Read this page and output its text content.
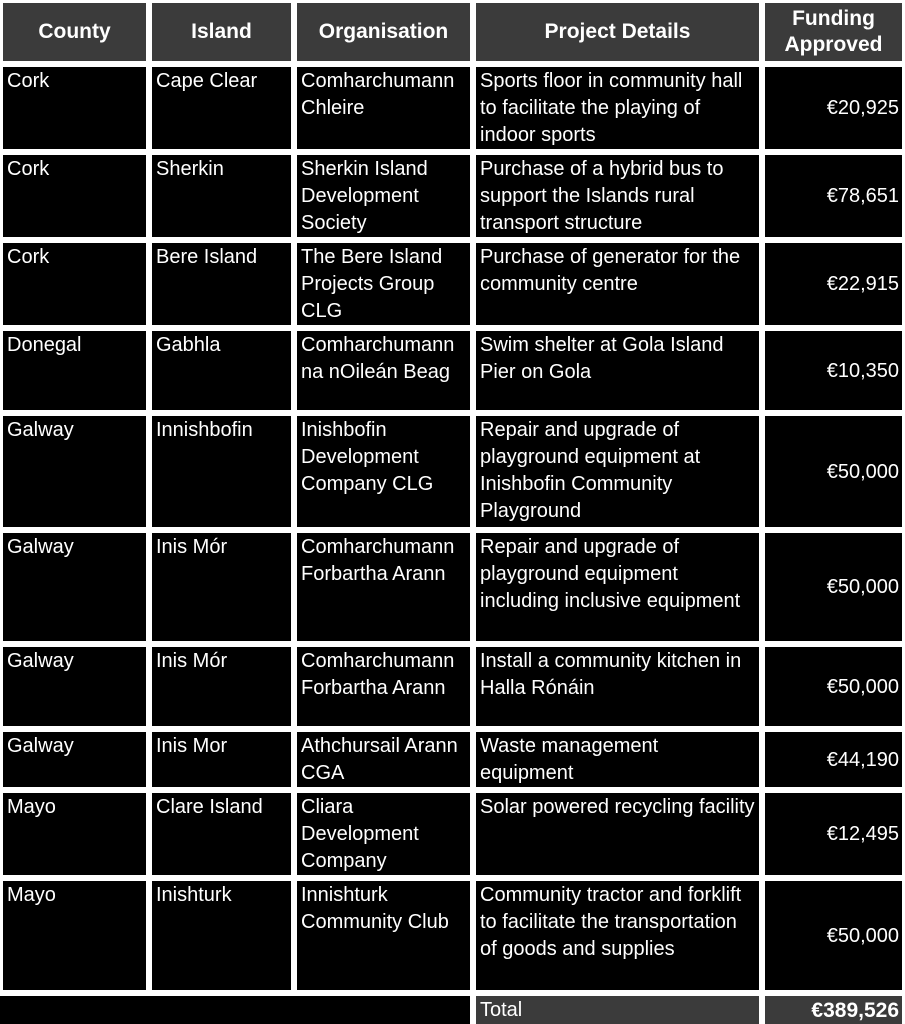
County	Island	Organisation	Project Details	Funding Approved
Cork	Cape Clear	Comharchumann Chleire	Sports floor in community hall to facilitate the playing of indoor sports	€20,925
Cork	Sherkin	Sherkin Island Development Society	Purchase of a hybrid bus to support the Islands rural transport structure	€78,651
Cork	Bere Island	The Bere Island Projects Group CLG	Purchase of generator for the community centre	€22,915
Donegal	Gabhla	Comharchumann na nOileán Beag	Swim shelter at Gola Island Pier on Gola	€10,350
Galway	Innishbofin	Inishbofin Development Company CLG	Repair and upgrade of playground equipment at Inishbofin Community Playground	€50,000
Galway	Inis Mór	Comharchumann Forbartha Arann	Repair and upgrade of playground equipment including inclusive equipment	€50,000
Galway	Inis Mór	Comharchumann Forbartha Arann	Install a community kitchen in Halla Rónáin	€50,000
Galway	Inis Mor	Athchursail Arann CGA	Waste management equipment	€44,190
Mayo	Clare Island	Cliara Development Company	Solar powered recycling facility	€12,495
Mayo	Inishturk	Innishturk Community Club	Community tractor and forklift to facilitate the transportation of goods and supplies	€50,000
			Total	€389,526
